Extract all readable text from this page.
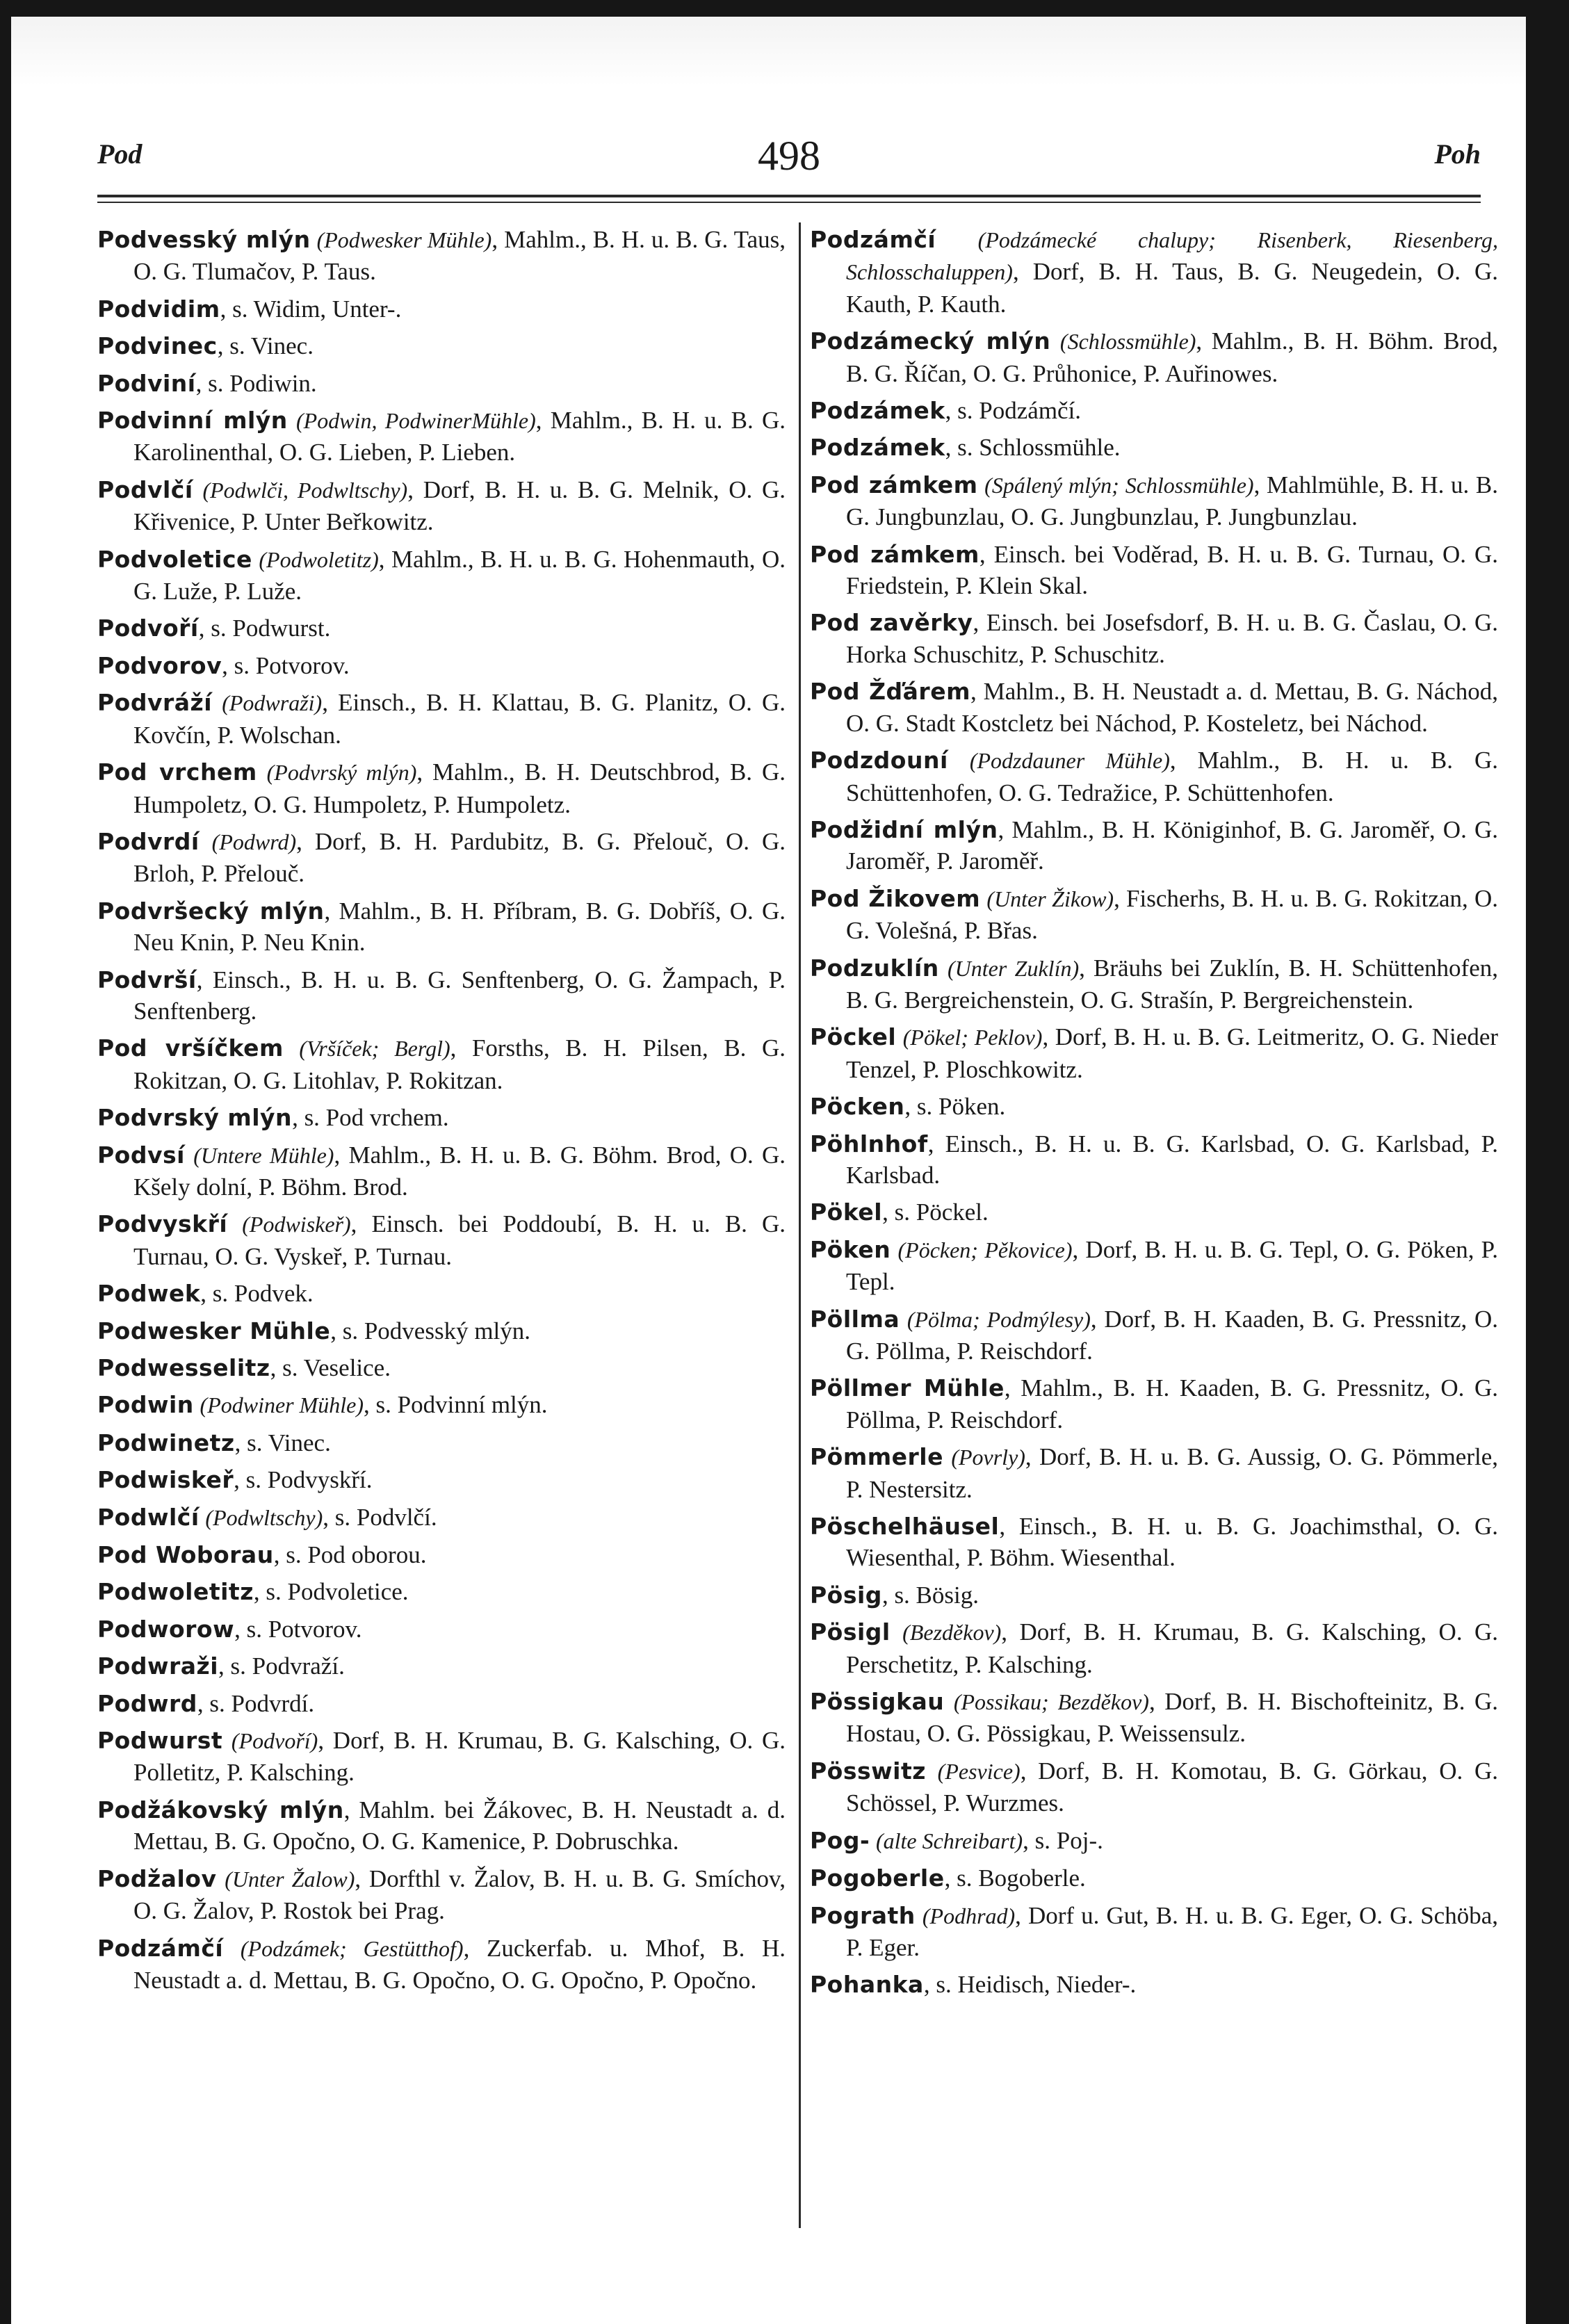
Pod	498	Poh

Podvesský mlýn (Podwesker Mühle), Mahlm., B. H. u. B. G. Taus, O. G. Tlumačov, P. Taus.

Podvidim, s. Widim, Unter-.

Podvinec, s. Vinec.

Podviní, s. Podiwin.

Podvinní mlýn (Podwin, PodwinerMühle), Mahlm., B. H. u. B. G. Karolinenthal, O. G. Lieben, P. Lieben.

Podvlčí (Podwlči, Podwltschy), Dorf, B. H. u. B. G. Melnik, O. G. Křivenice, P. Unter Beřkowitz.

Podvoletice (Podwoletitz), Mahlm., B. H. u. B. G. Hohenmauth, O. G. Luže, P. Luže.

Podvoří, s. Podwurst.

Podvorov, s. Potvorov.

Podvráží (Podwraži), Einsch., B. H. Klattau, B. G. Planitz, O. G. Kovčín, P. Wolschan.

Pod vrchem (Podvrský mlýn), Mahlm., B. H. Deutschbrod, B. G. Humpoletz, O. G. Humpoletz, P. Humpoletz.

Podvrdí (Podwrd), Dorf, B. H. Pardubitz, B. G. Přelouč, O. G. Brloh, P. Přelouč.

Podvršecký mlýn, Mahlm., B. H. Příbram, B. G. Dobříš, O. G. Neu Knin, P. Neu Knin.

Podvrší, Einsch., B. H. u. B. G. Senftenberg, O. G. Žampach, P. Senftenberg.

Pod vršíčkem (Vršíček; Bergl), Forsths, B. H. Pilsen, B. G. Rokitzan, O. G. Litohlav, P. Rokitzan.

Podvrský mlýn, s. Pod vrchem.

Podvsí (Untere Mühle), Mahlm., B. H. u. B. G. Böhm. Brod, O. G. Kšely dolní, P. Böhm. Brod.

Podvyskří (Podwiskeř), Einsch. bei Poddoubí, B. H. u. B. G. Turnau, O. G. Vyskeř, P. Turnau.

Podwek, s. Podvek.

Podwesker Mühle, s. Podvesský mlýn.

Podwesselitz, s. Veselice.

Podwin (Podwiner Mühle), s. Podvinní mlýn.

Podwinetz, s. Vinec.

Podwiskeř, s. Podvyskří.

Podwlčí (Podwltschy), s. Podvlčí.

Pod Woborau, s. Pod oborou.

Podwoletitz, s. Podvoletice.

Podworow, s. Potvorov.

Podwraži, s. Podvraží.

Podwrd, s. Podvrdí.

Podwurst (Podvoří), Dorf, B. H. Krumau, B. G. Kalsching, O. G. Polletitz, P. Kalsching.

Podžákovský mlýn, Mahlm. bei Žákovec, B. H. Neustadt a. d. Mettau, B. G. Opočno, O. G. Kamenice, P. Dobruschka.

Podžalov (Unter Žalow), Dorfthl v. Žalov, B. H. u. B. G. Smíchov, O. G. Žalov, P. Rostok bei Prag.

Podzámčí (Podzámek; Gestütthof), Zuckerfab. u. Mhof, B. H. Neustadt a. d. Mettau, B. G. Opočno, O. G. Opočno, P. Opočno.

Podzámčí (Podzámecké chalupy; Risenberk, Riesenberg, Schlosschaluppen), Dorf, B. H. Taus, B. G. Neugedein, O. G. Kauth, P. Kauth.

Podzámecký mlýn (Schlossmühle), Mahlm., B. H. Böhm. Brod, B. G. Říčan, O. G. Průhonice, P. Auřinowes.

Podzámek, s. Podzámčí.

Podzámek, s. Schlossmühle.

Pod zámkem (Spálený mlýn; Schlossmühle), Mahlmühle, B. H. u. B. G. Jungbunzlau, O. G. Jungbunzlau, P. Jungbunzlau.

Pod zámkem, Einsch. bei Voděrad, B. H. u. B. G. Turnau, O. G. Friedstein, P. Klein Skal.

Pod zavěrky, Einsch. bei Josefsdorf, B. H. u. B. G. Časlau, O. G. Horka Schuschitz, P. Schuschitz.

Pod Žďárem, Mahlm., B. H. Neustadt a. d. Mettau, B. G. Náchod, O. G. Stadt Kostcletz bei Náchod, P. Kosteletz, bei Náchod.

Podzdouní (Podzdauner Mühle), Mahlm., B. H. u. B. G. Schüttenhofen, O. G. Tedražice, P. Schüttenhofen.

Podžidní mlýn, Mahlm., B. H. Königinhof, B. G. Jaroměř, O. G. Jaroměř, P. Jaroměř.

Pod Žikovem (Unter Žikow), Fischerhs, B. H. u. B. G. Rokitzan, O. G. Volešná, P. Břas.

Podzuklín (Unter Zuklín), Bräuhs bei Zuklín, B. H. Schüttenhofen, B. G. Bergreichenstein, O. G. Strašín, P. Bergreichenstein.

Pöckel (Pökel; Peklov), Dorf, B. H. u. B. G. Leitmeritz, O. G. Nieder Tenzel, P. Ploschkowitz.

Pöcken, s. Pöken.

Pöhlnhof, Einsch., B. H. u. B. G. Karlsbad, O. G. Karlsbad, P. Karlsbad.

Pökel, s. Pöckel.

Pöken (Pöcken; Pěkovice), Dorf, B. H. u. B. G. Tepl, O. G. Pöken, P. Tepl.

Pöllma (Pölma; Podmýlesy), Dorf, B. H. Kaaden, B. G. Pressnitz, O. G. Pöllma, P. Reischdorf.

Pöllmer Mühle, Mahlm., B. H. Kaaden, B. G. Pressnitz, O. G. Pöllma, P. Reischdorf.

Pömmerle (Povrly), Dorf, B. H. u. B. G. Aussig, O. G. Pömmerle, P. Nestersitz.

Pöschelhäusel, Einsch., B. H. u. B. G. Joachimsthal, O. G. Wiesenthal, P. Böhm. Wiesenthal.

Pösig, s. Bösig.

Pösigl (Bezděkov), Dorf, B. H. Krumau, B. G. Kalsching, O. G. Perschetitz, P. Kalsching.

Pössigkau (Possikau; Bezděkov), Dorf, B. H. Bischofteinitz, B. G. Hostau, O. G. Pössigkau, P. Weissensulz.

Pösswitz (Pesvice), Dorf, B. H. Komotau, B. G. Görkau, O. G. Schössel, P. Wurzmes.

Pog- (alte Schreibart), s. Poj-.

Pogoberle, s. Bogoberle.

Pograth (Podhrad), Dorf u. Gut, B. H. u. B. G. Eger, O. G. Schöba, P. Eger.

Pohanka, s. Heidisch, Nieder-.
